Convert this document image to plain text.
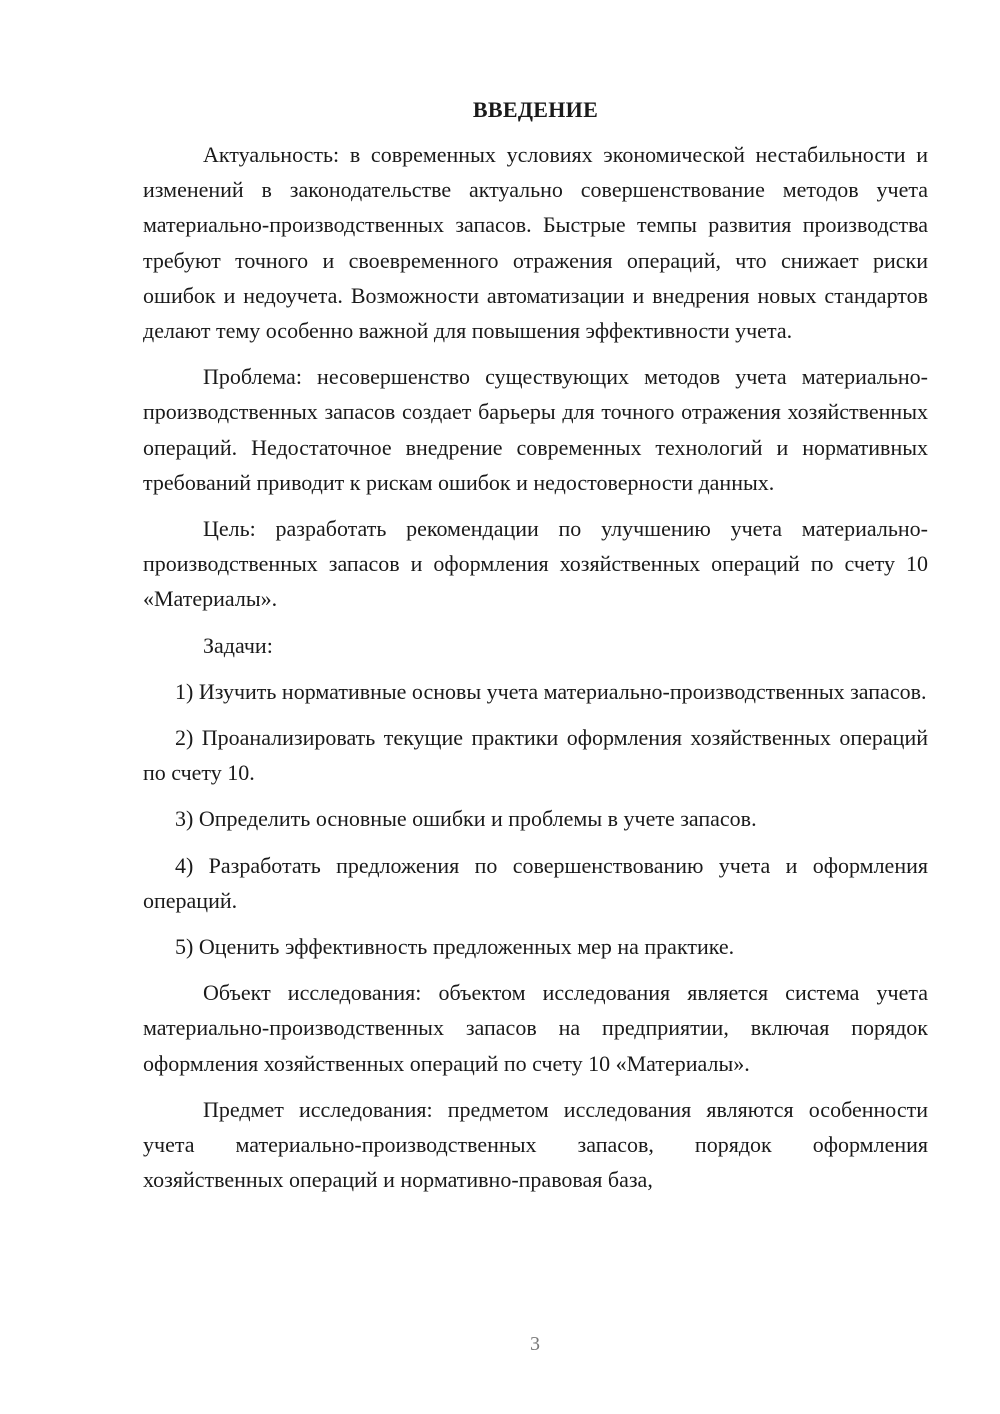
ВВЕДЕНИЕ

Актуальность: в современных условиях экономической нестабильности и изменений в законодательстве актуально совершенствование методов учета материально-производственных запасов. Быстрые темпы развития производства требуют точного и своевременного отражения операций, что снижает риски ошибок и недоучета. Возможности автоматизации и внедрения новых стандартов делают тему особенно важной для повышения эффективности учета.

Проблема: несовершенство существующих методов учета материально-производственных запасов создает барьеры для точного отражения хозяйственных операций. Недостаточное внедрение современных технологий и нормативных требований приводит к рискам ошибок и недостоверности данных.

Цель: разработать рекомендации по улучшению учета материально-производственных запасов и оформления хозяйственных операций по счету 10 «Материалы».

Задачи:

1) Изучить нормативные основы учета материально-производственных запасов.

2) Проанализировать текущие практики оформления хозяйственных операций по счету 10.

3) Определить основные ошибки и проблемы в учете запасов.

4) Разработать предложения по совершенствованию учета и оформления операций.

5) Оценить эффективность предложенных мер на практике.

Объект исследования: объектом исследования является система учета материально-производственных запасов на предприятии, включая порядок оформления хозяйственных операций по счету 10 «Материалы».

Предмет исследования: предметом исследования являются особенности учета материально-производственных запасов, порядок оформления хозяйственных операций и нормативно-правовая база,

3
